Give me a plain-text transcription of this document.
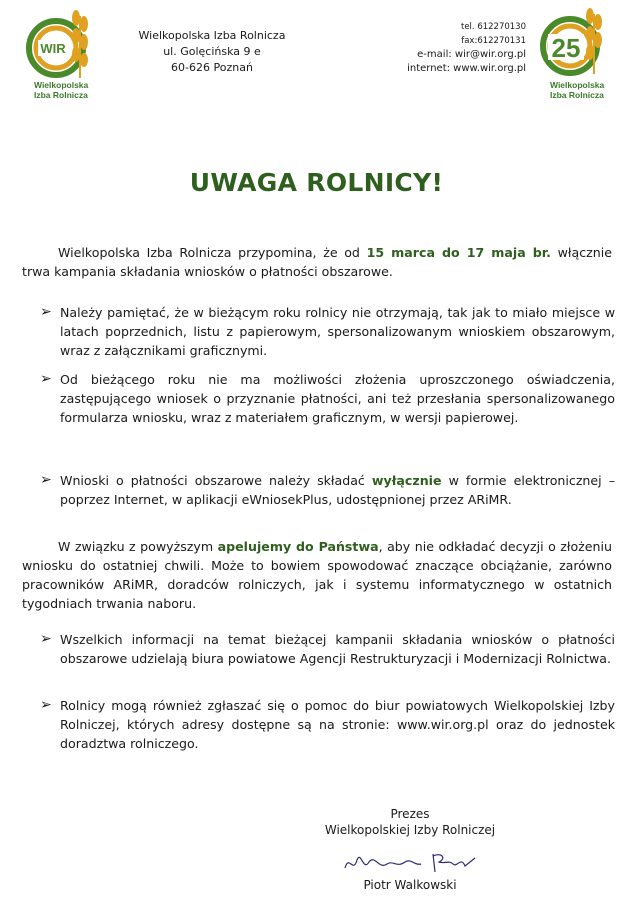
WIR
Wielkopolska
Izba Rolnicza
Wielkopolska Izba Rolnicza
ul. Golęcińska 9 e
60-626 Poznań
tel. 612270130
fax:612270131
e-mail: wir@wir.org.pl
internet: www.wir.org.pl
25
Wielkopolska
Izba Rolnicza
UWAGA ROLNICY!
Wielkopolska Izba Rolnicza przypomina, że od 15 marca do 17 maja br. włącznie trwa kampania składania wniosków o płatności obszarowe.
➢ Należy pamiętać, że w bieżącym roku rolnicy nie otrzymają, tak jak to miało miejsce w latach poprzednich, listu z papierowym, spersonalizowanym wnioskiem obszarowym, wraz z załącznikami graficznymi.
➢ Od bieżącego roku nie ma możliwości złożenia uproszczonego oświadczenia, zastępującego wniosek o przyznanie płatności, ani też przesłania spersonalizowanego formularza wniosku, wraz z materiałem graficznym, w wersji papierowej.
➢ Wnioski o płatności obszarowe należy składać wyłącznie w formie elektronicznej – poprzez Internet, w aplikacji eWniosekPlus, udostępnionej przez ARiMR.
W związku z powyższym apelujemy do Państwa, aby nie odkładać decyzji o złożeniu wniosku do ostatniej chwili. Może to bowiem spowodować znaczące obciążanie, zarówno pracowników ARiMR, doradców rolniczych, jak i systemu informatycznego w ostatnich tygodniach trwania naboru.
➢ Wszelkich informacji na temat bieżącej kampanii składania wniosków o płatności obszarowe udzielają biura powiatowe Agencji Restrukturyzacji i Modernizacji Rolnictwa.
➢ Rolnicy mogą również zgłaszać się o pomoc do biur powiatowych Wielkopolskiej Izby Rolniczej, których adresy dostępne są na stronie: www.wir.org.pl oraz do jednostek doradztwa rolniczego.
Prezes
Wielkopolskiej Izby Rolniczej
Piotr Walkowski
